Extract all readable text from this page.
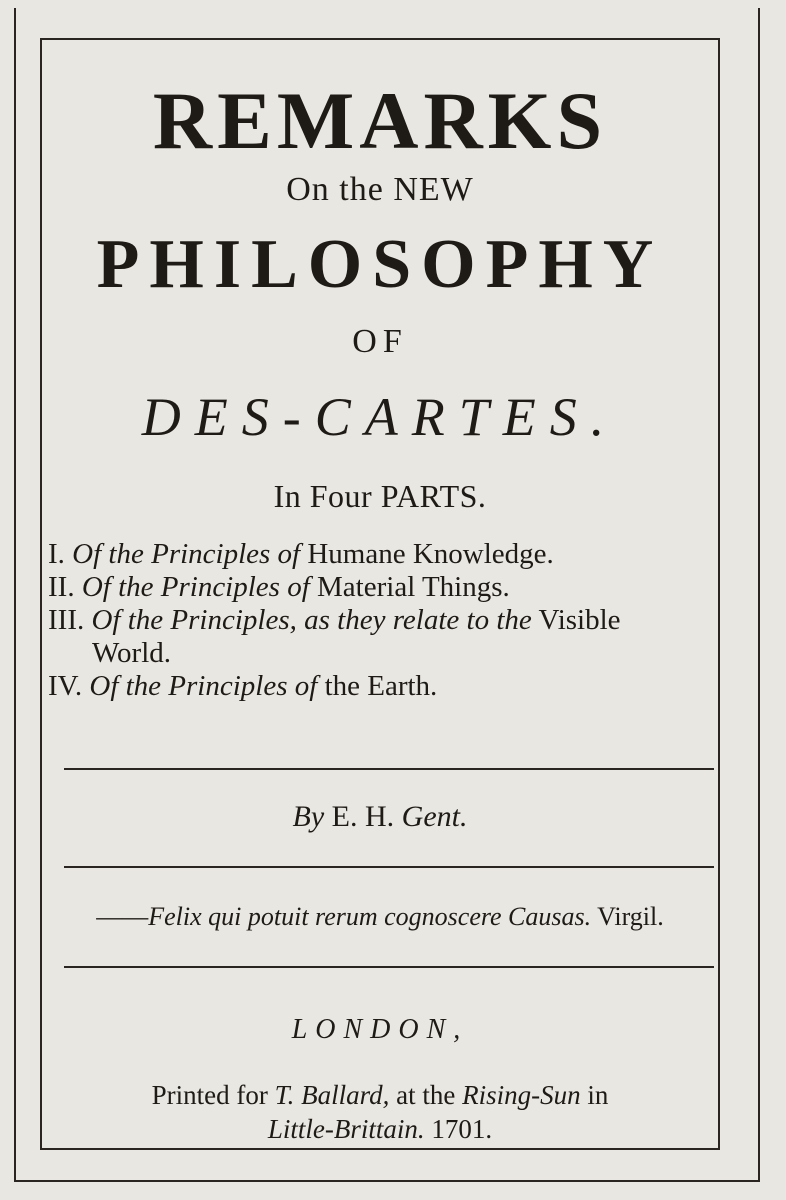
REMARKS
On the NEW
PHILOSOPHY
OF
DES-CARTES.
In Four PARTS.
I. Of the Principles of Humane Knowledge.
II. Of the Principles of Material Things.
III. Of the Principles, as they relate to the Visible
World.
IV. Of the Principles of the Earth.
By E. H. Gent.
——Felix qui potuit rerum cognoscere Causas. Virgil.
LONDON,
Printed for T. Ballard, at the Rising-Sun in
Little-Brittain. 1701.
